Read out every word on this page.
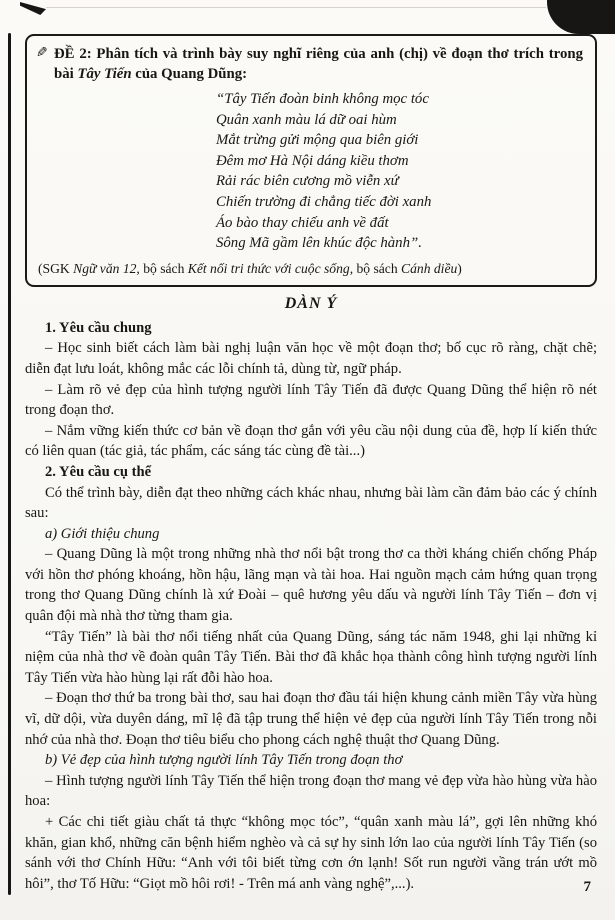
✎ ĐỀ 2: Phân tích và trình bày suy nghĩ riêng của anh (chị) về đoạn thơ trích trong bài Tây Tiến của Quang Dũng:
“Tây Tiến đoàn binh không mọc tóc
Quân xanh màu lá dữ oai hùm
Mắt trừng gửi mộng qua biên giới
Đêm mơ Hà Nội dáng kiều thơm
Rải rác biên cương mồ viễn xứ
Chiến trường đi chẳng tiếc đời xanh
Áo bào thay chiếu anh về đất
Sông Mã gầm lên khúc độc hành”.
(SGK Ngữ văn 12, bộ sách Kết nối tri thức với cuộc sống, bộ sách Cánh diều)
DÀN Ý

1. Yêu cầu chung

– Học sinh biết cách làm bài nghị luận văn học về một đoạn thơ; bố cục rõ ràng, chặt chẽ; diễn đạt lưu loát, không mắc các lỗi chính tả, dùng từ, ngữ pháp.

– Làm rõ vẻ đẹp của hình tượng người lính Tây Tiến đã được Quang Dũng thể hiện rõ nét trong đoạn thơ.

– Nắm vững kiến thức cơ bản về đoạn thơ gắn với yêu cầu nội dung của đề, hợp lí kiến thức có liên quan (tác giả, tác phẩm, các sáng tác cùng đề tài...)

2. Yêu cầu cụ thể

Có thể trình bày, diễn đạt theo những cách khác nhau, nhưng bài làm cần đảm bảo các ý chính sau:

a) Giới thiệu chung

– Quang Dũng là một trong những nhà thơ nổi bật trong thơ ca thời kháng chiến chống Pháp với hồn thơ phóng khoáng, hồn hậu, lãng mạn và tài hoa. Hai nguồn mạch cảm hứng quan trọng trong thơ Quang Dũng chính là xứ Đoài – quê hương yêu dấu và người lính Tây Tiến – đơn vị quân đội mà nhà thơ từng tham gia.

“Tây Tiến” là bài thơ nổi tiếng nhất của Quang Dũng, sáng tác năm 1948, ghi lại những kỉ niệm của nhà thơ về đoàn quân Tây Tiến. Bài thơ đã khắc họa thành công hình tượng người lính Tây Tiến vừa hào hùng lại rất đỗi hào hoa.

– Đoạn thơ thứ ba trong bài thơ, sau hai đoạn thơ đầu tái hiện khung cảnh miền Tây vừa hùng vĩ, dữ dội, vừa duyên dáng, mĩ lệ đã tập trung thể hiện vẻ đẹp của người lính Tây Tiến trong nỗi nhớ của nhà thơ. Đoạn thơ tiêu biểu cho phong cách nghệ thuật thơ Quang Dũng.

b) Vẻ đẹp của hình tượng người lính Tây Tiến trong đoạn thơ

– Hình tượng người lính Tây Tiến thể hiện trong đoạn thơ mang vẻ đẹp vừa hào hùng vừa hào hoa:

+ Các chi tiết giàu chất tả thực “không mọc tóc”, “quân xanh màu lá”, gợi lên những khó khăn, gian khổ, những căn bệnh hiểm nghèo và cả sự hy sinh lớn lao của người lính Tây Tiến (so sánh với thơ Chính Hữu: “Anh với tôi biết từng cơn ớn lạnh! Sốt run người vầng trán ướt mồ hôi”, thơ Tố Hữu: “Giọt mồ hôi rơi! - Trên má anh vàng nghệ”,...).	7
